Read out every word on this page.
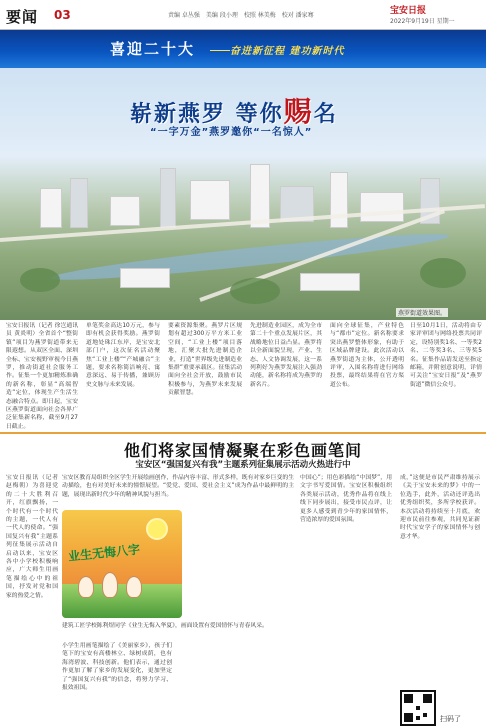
要闻 03	责编 卓丛强　美编 段小理　校照 林美梅　校对 潘家骞	宝安日报
2022年9月19日 星期一
喜迎二十大	奋进新征程 建功新时代
崭新燕罗 等你赐名
“一字万金”燕罗邀你“一名惊人”
燕罗街道效果图。
宝安日报讯（记者 徐岂通讯员 黄炎明）全省首个“整街镇”项目为燕罗街道带来无限遐想。从双区全面、深圳全标、宝安视野审视今日燕罗，推动街道社会服务工作。征集一个更加精炼准确的新名称，彰显“高端智造”定位，体现生产生活生态融合特点。即日起，宝安区燕罗街道面向社会各界广泛征集新名称，截至9月27日截止。
单笔奖金高达10万元，参与即有机会获得奖励。燕罗街道地处珠江东岸，是宝安北部门户，这次征名活动聚焦“工业上楼”“产城融合”主题，要求名称简洁响亮、寓意深远、易于传播，兼顾历史文脉与未来发展。
要素资源集聚。燕罗片区规划有超过300万平方米工业空间，“工业上楼”项目落地，汇聚大批先进制造企业，打造“世界级先进制造业集群”重要承载区。征集活动面向全社会开放，鼓励市民积极参与，为燕罗未来发展贡献智慧。
先进制造业园区，成为全市第二十个重点发展片区，其战略地位日益凸显。燕罗将以全新面貌呈现，产业、生态、人文协调发展，这一系列利好为燕罗发展注入强劲动能，新名称将成为燕罗的新名片。
面向全球征集，产业特色与“都市”定位。新名称要求突出燕罗整体形象，有助于区域品牌建设。此次活动以燕罗街道为主体，公开透明评审，入围名称将进行网络投票，最终结果将在官方渠道公布。
日至10月1日，活动将由专家评审团与网络投票共同评定，设特别奖1名、一等奖2名、二等奖3名、三等奖5名。征集作品请发送至指定邮箱，并附创意说明，详情可关注“宝安日报”及“燕罗街道”微信公众号。
他们将家国情凝聚在彩色画笔间
宝安区“强国复兴有我”主题系列征集展示活动火热进行中
宝安日报讯（记者 赵梅朝）为喜迎党的二十大胜利召开，红旗飘扬，一个时代有一个时代的主题，一代人有一代人的使命。“强国复兴有我”主题系列征集展示活动自启动以来，宝安区各中小学校积极响应，广大师生用画笔描绘心中的祖国，抒发对党和国家的热爱之情。
宝安区教育局组织全区学生开展绘画创作，作品内容丰富、形式多样，既有对家乡巨变的生动描绘，也有对美好未来的憧憬展望。“爱党、爱国、爱社会主义”成为作品中最鲜明的主题，展现出新时代少年的精神风貌与担当。
小学生用画笔描绘了《美丽家乡》，孩子们笔下的宝安有高楼林立、绿树成荫，也有海湾碧波、科技创新。他们表示，通过创作更加了解了家乡的发展变化，更加坚定了“强国复兴有我”的信念，将努力学习、报效祖国。
中国心”；用色彩描绘“中国梦”，用文字书写爱国情。宝安区积极组织各类展示活动，优秀作品将在线上线下同步展出，接受市民点评，让更多人感受到青少年的家国情怀，营造浓厚的爱国氛围。
成，”这便是市民严肃维持展示《关于宝安未来的梦》中的一位选手，此外，活动还评选出优秀组织奖，多所学校获评。本次活动将持续至十月底，欢迎市民前往参观，共同见证新时代宝安学子的家国情怀与创意才华。
业生无悔八字
建筑工匠学校陈利煜同学《业生无悔入华夏》，画面设置有爱国情怀与青春风采。
扫码了
